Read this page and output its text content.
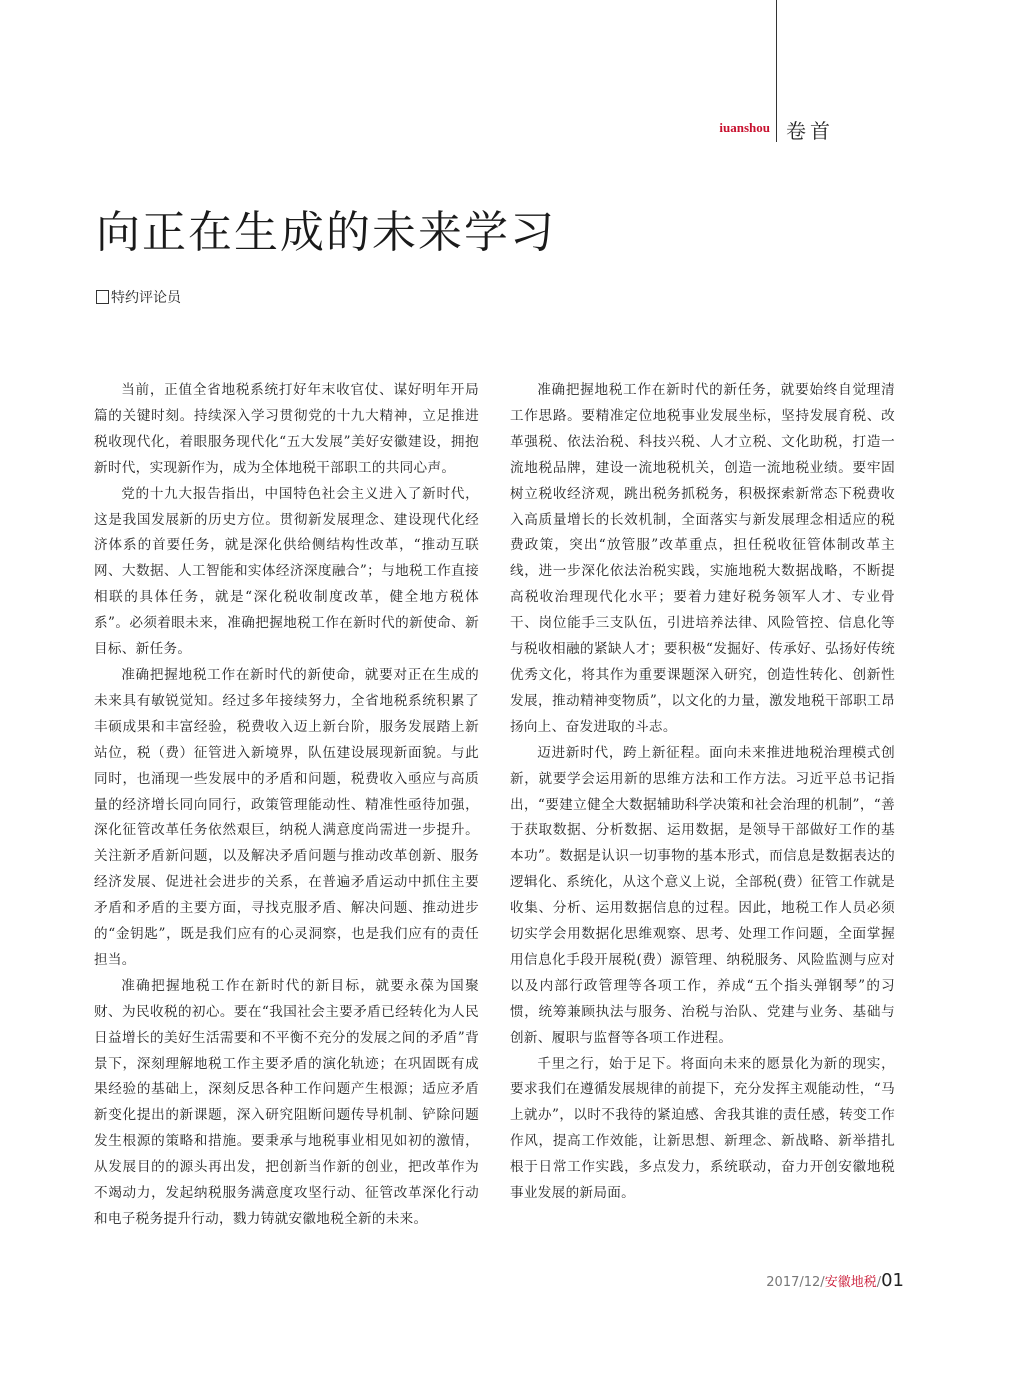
iuanshou 卷首
向正在生成的未来学习
特约评论员

当前，正值全省地税系统打好年末收官仗、谋好明年开局篇的关键时刻。持续深入学习贯彻党的十九大精神，立足推进税收现代化，着眼服务现代化“五大发展”美好安徽建设，拥抱新时代，实现新作为，成为全体地税干部职工的共同心声。

党的十九大报告指出，中国特色社会主义进入了新时代，这是我国发展新的历史方位。贯彻新发展理念、建设现代化经济体系的首要任务，就是深化供给侧结构性改革，“推动互联网、大数据、人工智能和实体经济深度融合”；与地税工作直接相联的具体任务，就是“深化税收制度改革，健全地方税体系”。必须着眼未来，准确把握地税工作在新时代的新使命、新目标、新任务。

准确把握地税工作在新时代的新使命，就要对正在生成的未来具有敏锐觉知。经过多年接续努力，全省地税系统积累了丰硕成果和丰富经验，税费收入迈上新台阶，服务发展踏上新站位，税（费）征管进入新境界，队伍建设展现新面貌。与此同时，也涌现一些发展中的矛盾和问题，税费收入亟应与高质量的经济增长同向同行，政策管理能动性、精准性亟待加强，深化征管改革任务依然艰巨，纳税人满意度尚需进一步提升。关注新矛盾新问题，以及解决矛盾问题与推动改革创新、服务经济发展、促进社会进步的关系，在普遍矛盾运动中抓住主要矛盾和矛盾的主要方面，寻找克服矛盾、解决问题、推动进步的“金钥匙”，既是我们应有的心灵洞察，也是我们应有的责任担当。

准确把握地税工作在新时代的新目标，就要永葆为国聚财、为民收税的初心。要在“我国社会主要矛盾已经转化为人民日益增长的美好生活需要和不平衡不充分的发展之间的矛盾”背景下，深刻理解地税工作主要矛盾的演化轨迹；在巩固既有成果经验的基础上，深刻反思各种工作问题产生根源；适应矛盾新变化提出的新课题，深入研究阻断问题传导机制、铲除问题发生根源的策略和措施。要秉承与地税事业相见如初的激情，从发展目的的源头再出发，把创新当作新的创业，把改革作为不竭动力，发起纳税服务满意度攻坚行动、征管改革深化行动和电子税务提升行动，戮力铸就安徽地税全新的未来。

准确把握地税工作在新时代的新任务，就要始终自觉理清工作思路。要精准定位地税事业发展坐标，坚持发展育税、改革强税、依法治税、科技兴税、人才立税、文化助税，打造一流地税品牌，建设一流地税机关，创造一流地税业绩。要牢固树立税收经济观，跳出税务抓税务，积极探索新常态下税费收入高质量增长的长效机制，全面落实与新发展理念相适应的税费政策，突出“放管服”改革重点，担任税收征管体制改革主线，进一步深化依法治税实践，实施地税大数据战略，不断提高税收治理现代化水平；要着力建好税务领军人才、专业骨干、岗位能手三支队伍，引进培养法律、风险管控、信息化等与税收相融的紧缺人才；要积极“发掘好、传承好、弘扬好传统优秀文化，将其作为重要课题深入研究，创造性转化、创新性发展，推动精神变物质”，以文化的力量，激发地税干部职工昂扬向上、奋发进取的斗志。

迈进新时代，跨上新征程。面向未来推进地税治理模式创新，就要学会运用新的思维方法和工作方法。习近平总书记指出，“要建立健全大数据辅助科学决策和社会治理的机制”，“善于获取数据、分析数据、运用数据，是领导干部做好工作的基本功”。数据是认识一切事物的基本形式，而信息是数据表达的逻辑化、系统化，从这个意义上说，全部税(费）征管工作就是收集、分析、运用数据信息的过程。因此，地税工作人员必须切实学会用数据化思维观察、思考、处理工作问题，全面掌握用信息化手段开展税(费）源管理、纳税服务、风险监测与应对以及内部行政管理等各项工作，养成“五个指头弹钢琴”的习惯，统筹兼顾执法与服务、治税与治队、党建与业务、基础与创新、履职与监督等各项工作进程。

千里之行，始于足下。将面向未来的愿景化为新的现实，要求我们在遵循发展规律的前提下，充分发挥主观能动性，“马上就办”，以时不我待的紧迫感、舍我其谁的责任感，转变工作作风，提高工作效能，让新思想、新理念、新战略、新举措扎根于日常工作实践，多点发力，系统联动，奋力开创安徽地税事业发展的新局面。

2017/12 / 安徽地税 / 01
